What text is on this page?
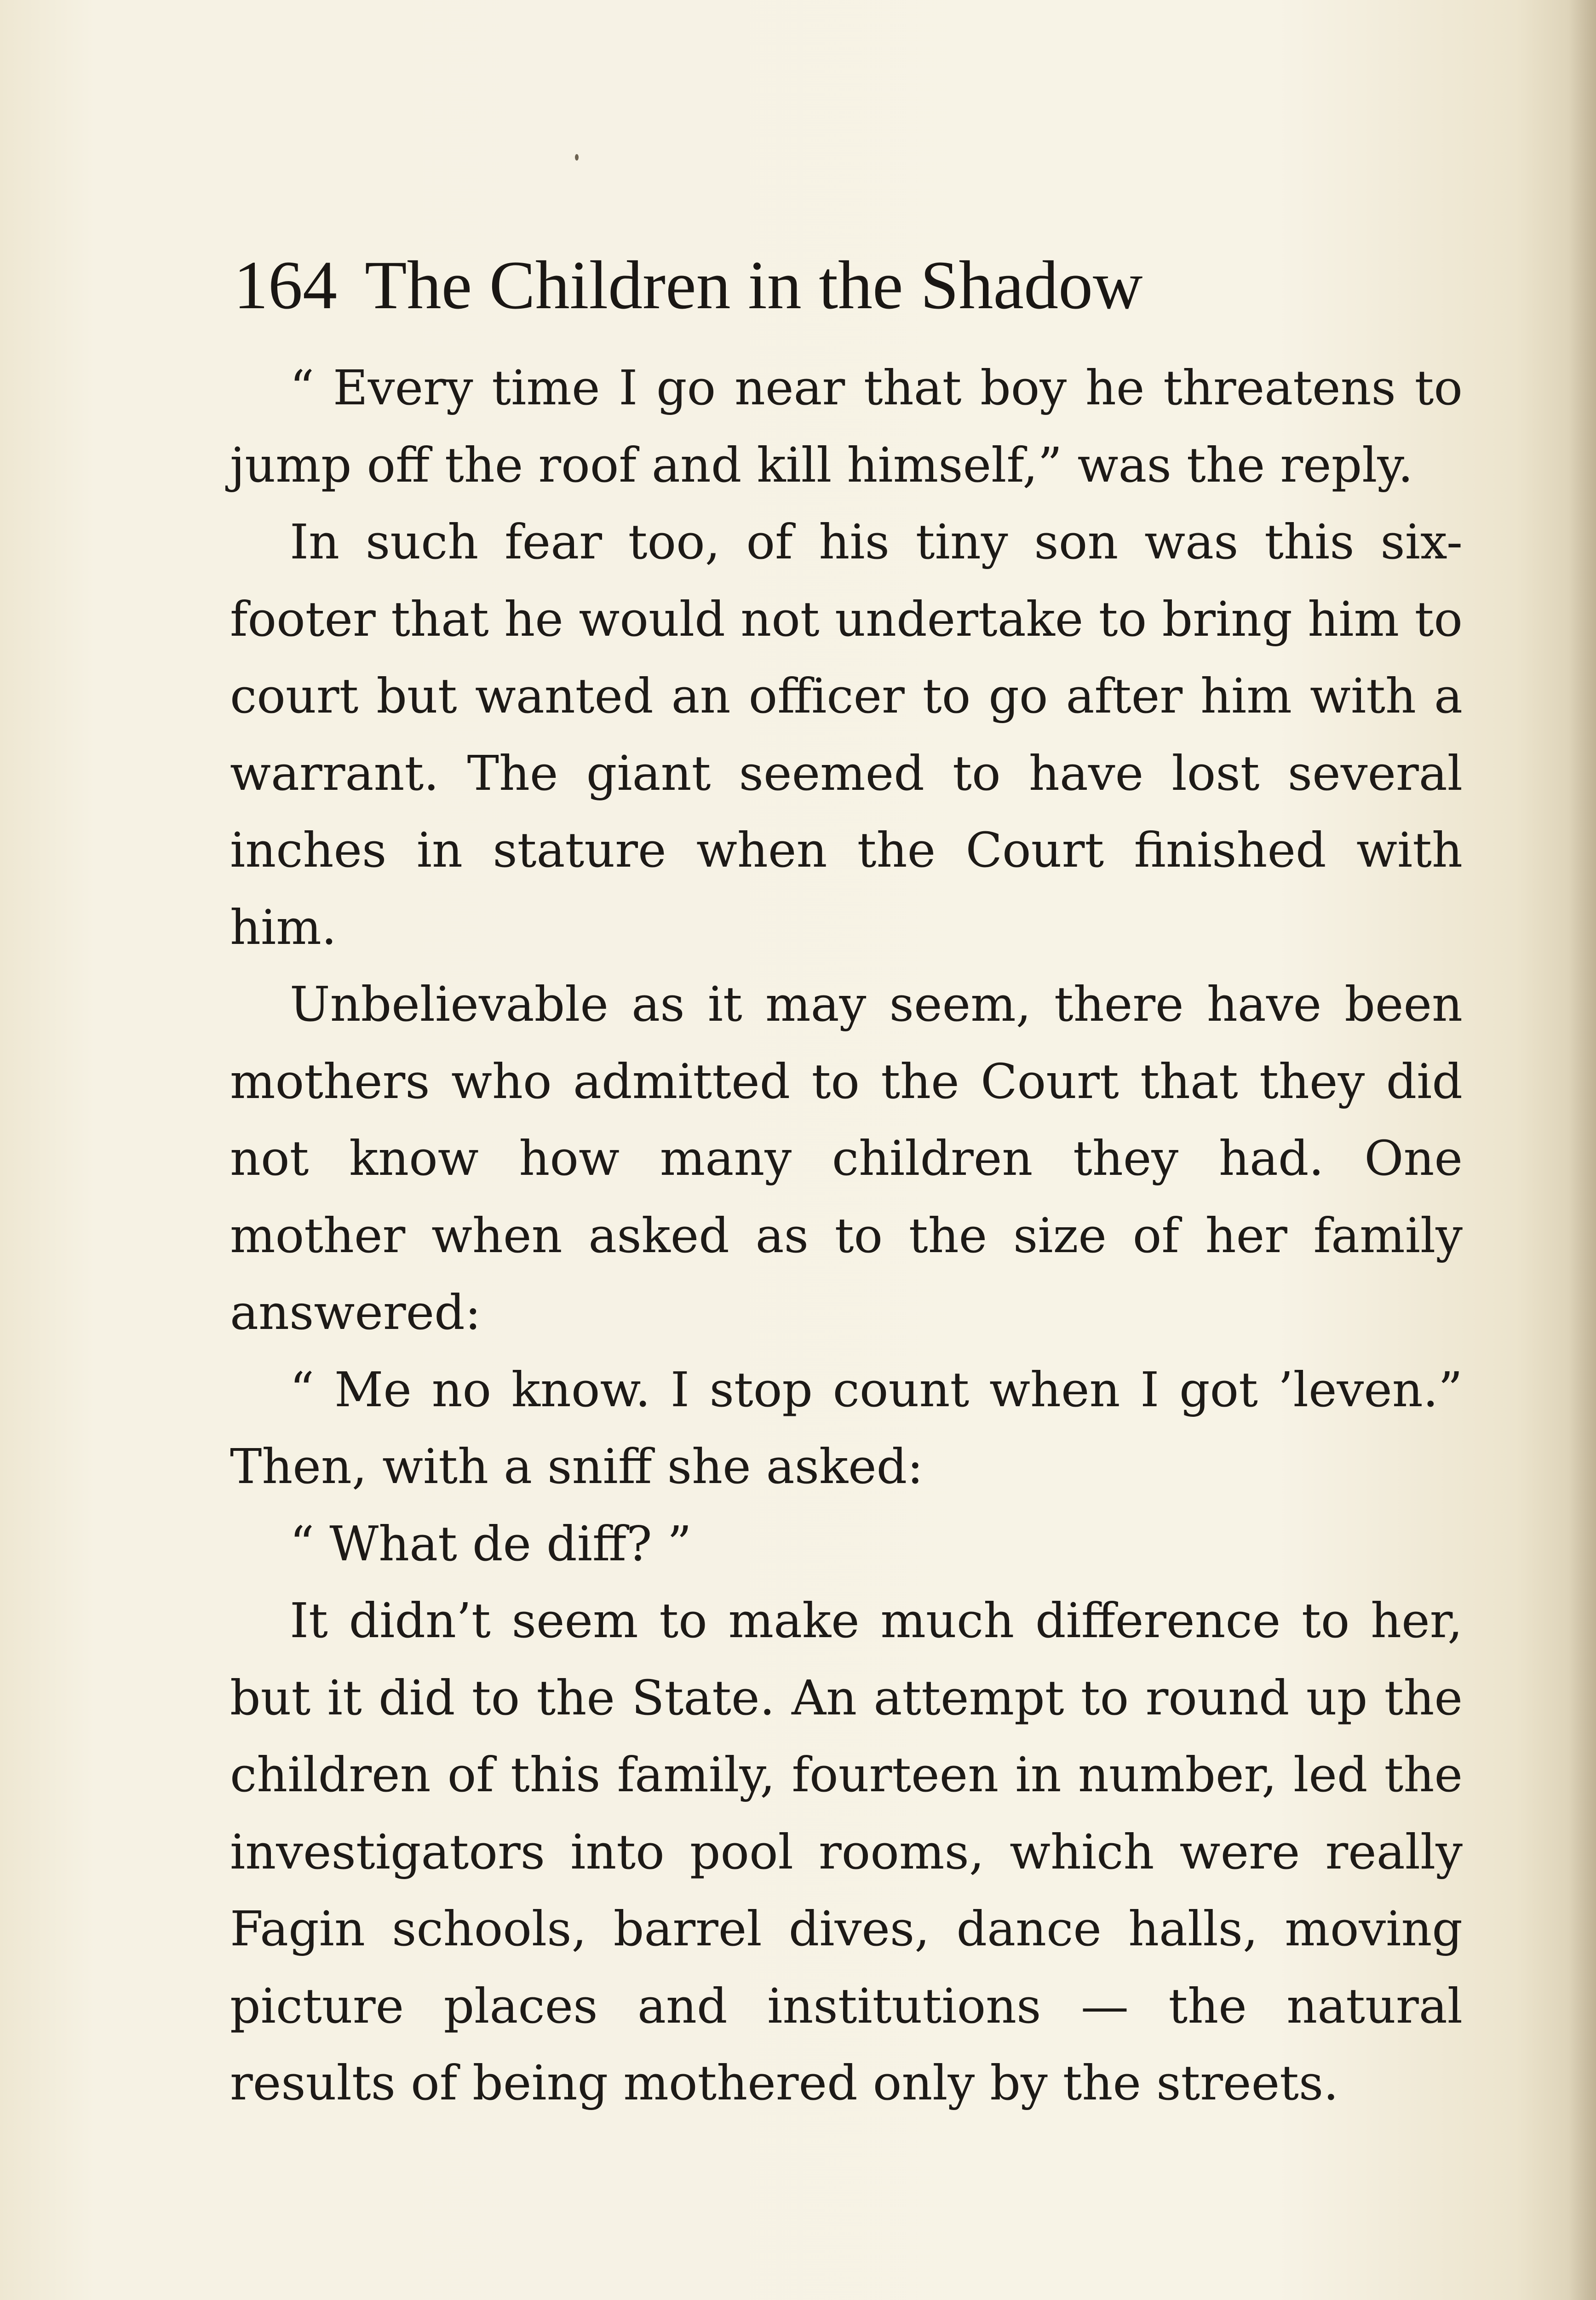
164 The Children in the Shadow

“ Every time I go near that boy he threatens to jump off the roof and kill himself,” was the reply.

In such fear too, of his tiny son was this six-footer that he would not undertake to bring him to court but wanted an officer to go after him with a warrant. The giant seemed to have lost several inches in stature when the Court finished with him.

Unbelievable as it may seem, there have been mothers who admitted to the Court that they did not know how many children they had. One mother when asked as to the size of her family answered:

“ Me no know. I stop count when I got ’leven.” Then, with a sniff she asked:

“ What de diff? ”

It didn’t seem to make much difference to her, but it did to the State. An attempt to round up the children of this family, fourteen in number, led the investigators into pool rooms, which were really Fagin schools, barrel dives, dance halls, moving picture places and institutions — the natural results of being mothered only by the streets.
